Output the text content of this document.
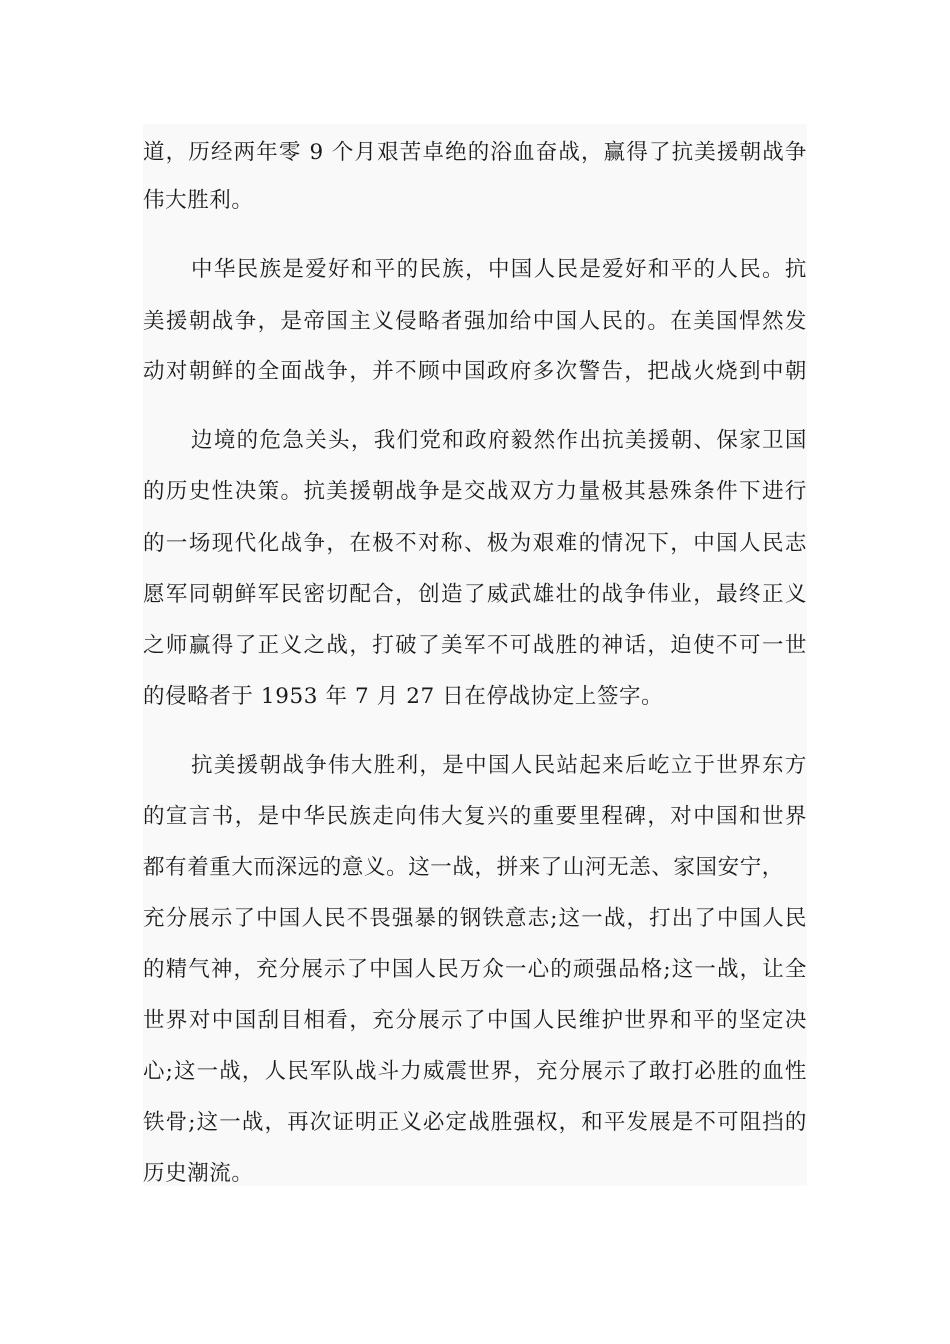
道，历经两年零 9 个月艰苦卓绝的浴血奋战，赢得了抗美援朝战争
伟大胜利。
中华民族是爱好和平的民族，中国人民是爱好和平的人民。抗
美援朝战争，是帝国主义侵略者强加给中国人民的。在美国悍然发
动对朝鲜的全面战争，并不顾中国政府多次警告，把战火烧到中朝
边境的危急关头，我们党和政府毅然作出抗美援朝、保家卫国
的历史性决策。抗美援朝战争是交战双方力量极其悬殊条件下进行
的一场现代化战争，在极不对称、极为艰难的情况下，中国人民志
愿军同朝鲜军民密切配合，创造了威武雄壮的战争伟业，最终正义
之师赢得了正义之战，打破了美军不可战胜的神话，迫使不可一世
的侵略者于 1953 年 7 月 27 日在停战协定上签字。
抗美援朝战争伟大胜利，是中国人民站起来后屹立于世界东方
的宣言书，是中华民族走向伟大复兴的重要里程碑，对中国和世界
都有着重大而深远的意义。这一战，拼来了山河无恙、家国安宁，
充分展示了中国人民不畏强暴的钢铁意志;这一战，打出了中国人民
的精气神，充分展示了中国人民万众一心的顽强品格;这一战，让全
世界对中国刮目相看，充分展示了中国人民维护世界和平的坚定决
心;这一战，人民军队战斗力威震世界，充分展示了敢打必胜的血性
铁骨;这一战，再次证明正义必定战胜强权，和平发展是不可阻挡的
历史潮流。
